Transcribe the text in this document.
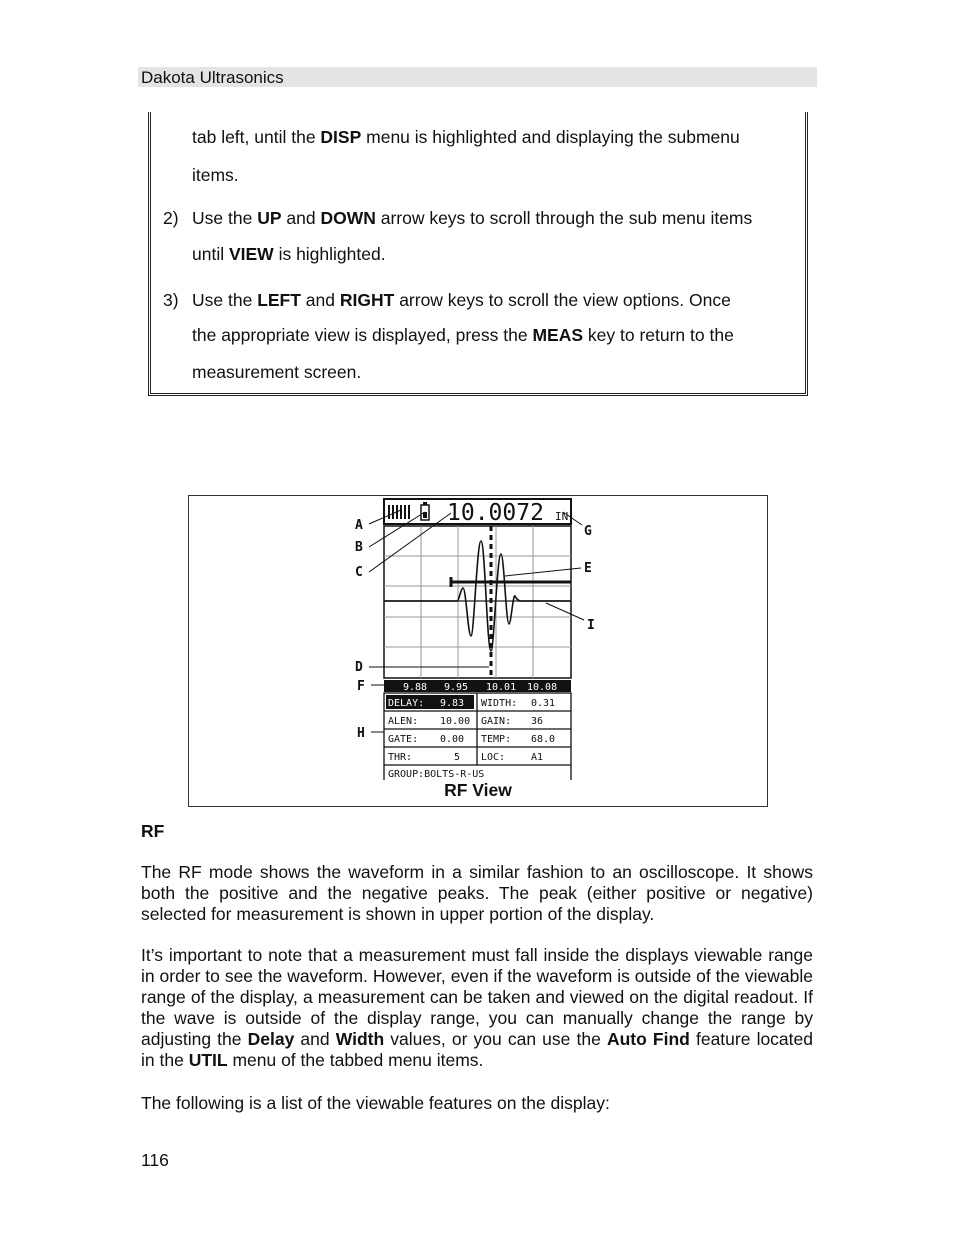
Dakota Ultrasonics
tab left, until the DISP menu is highlighted and displaying the submenu
items.
2) Use the UP and DOWN arrow keys to scroll through the sub menu items
until VIEW is highlighted.
3) Use the LEFT and RIGHT arrow keys to scroll the view options. Once
the appropriate view is displayed, press the MEAS key to return to the
measurement screen.
10.0072 IN
9.88 9.95 10.01 10.08
DELAY: 9.83 WIDTH: 0.31
ALEN: 10.00 GAIN: 36
GATE: 0.00 TEMP: 68.0
THR:	5 LOC:	A1
GROUP:BOLTS-R-US
A
B
C
D
E
F
G
H
I
RF View
RF
The RF mode shows the waveform in a similar fashion to an oscilloscope. It shows both the positive and the negative peaks. The peak (either positive or negative) selected for measurement is shown in upper portion of the display.
It’s important to note that a measurement must fall inside the displays viewable range in order to see the waveform. However, even if the waveform is outside of the viewable range of the display, a measurement can be taken and viewed on the digital readout. If the wave is outside of the display range, you can manually change the range by adjusting the Delay and Width values, or you can use the Auto Find feature located in the UTIL menu of the tabbed menu items.
The following is a list of the viewable features on the display:
116
